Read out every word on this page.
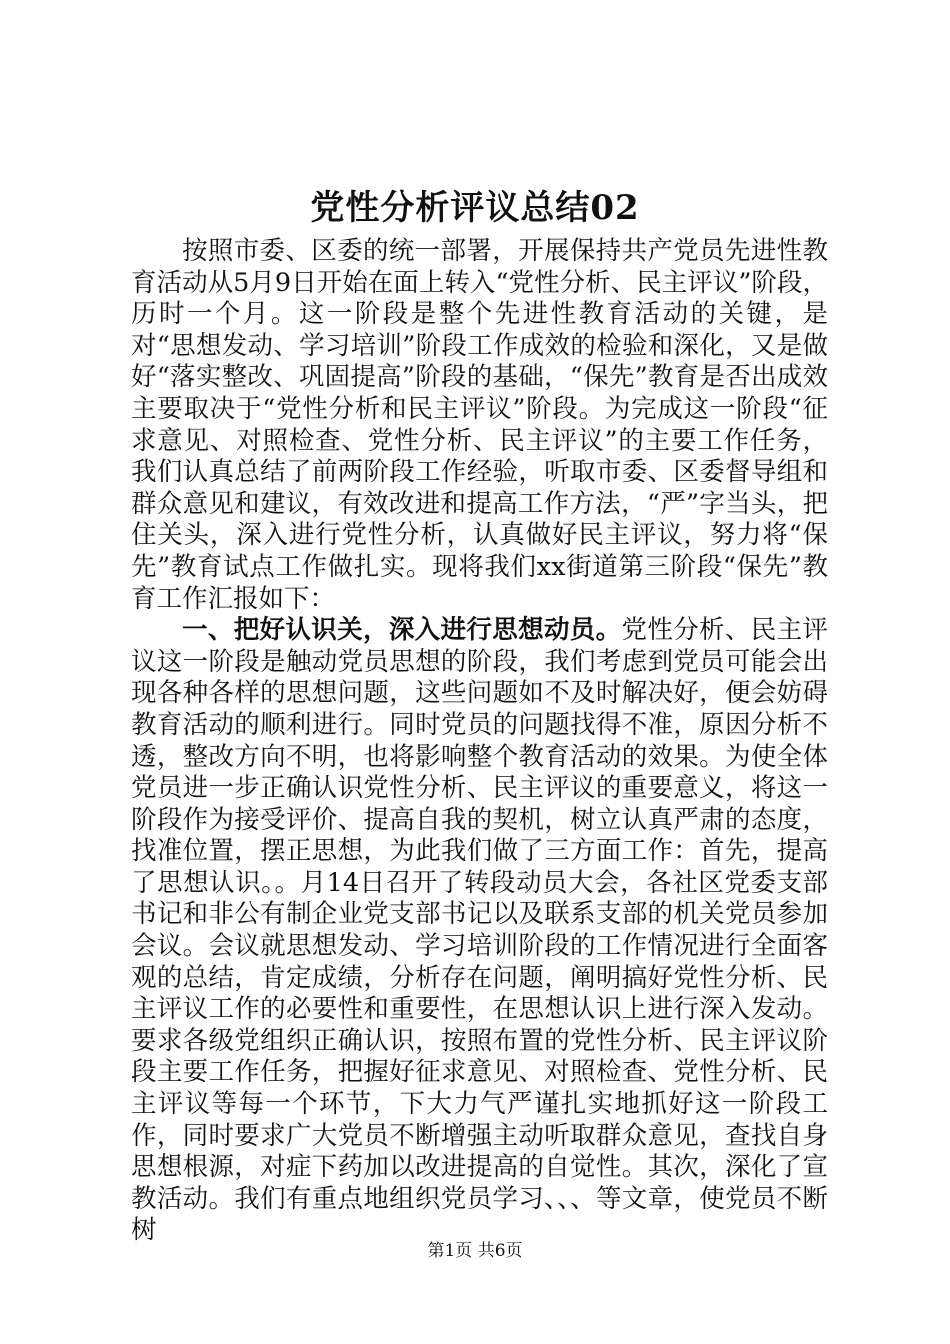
党性分析评议总结02

按照市委、区委的统一部署，开展保持共产党员先进性教育活动从5月9日开始在面上转入“党性分析、民主评议”阶段，历时一个月。这一阶段是整个先进性教育活动的关键，是对“思想发动、学习培训”阶段工作成效的检验和深化，又是做好“落实整改、巩固提高”阶段的基础，“保先”教育是否出成效主要取决于“党性分析和民主评议”阶段。为完成这一阶段“征求意见、对照检查、党性分析、民主评议”的主要工作任务，我们认真总结了前两阶段工作经验，听取市委、区委督导组和群众意见和建议，有效改进和提高工作方法，“严”字当头，把住关头，深入进行党性分析，认真做好民主评议，努力将“保先”教育试点工作做扎实。现将我们xx街道第三阶段“保先”教育工作汇报如下：

一、把好认识关，深入进行思想动员。党性分析、民主评议这一阶段是触动党员思想的阶段，我们考虑到党员可能会出现各种各样的思想问题，这些问题如不及时解决好，便会妨碍教育活动的顺利进行。同时党员的问题找得不准，原因分析不透，整改方向不明，也将影响整个教育活动的效果。为使全体党员进一步正确认识党性分析、民主评议的重要意义，将这一阶段作为接受评价、提高自我的契机，树立认真严肃的态度，找准位置，摆正思想，为此我们做了三方面工作：首先，提高了思想认识。。月14日召开了转段动员大会，各社区党委支部书记和非公有制企业党支部书记以及联系支部的机关党员参加会议。会议就思想发动、学习培训阶段的工作情况进行全面客观的总结，肯定成绩，分析存在问题，阐明搞好党性分析、民主评议工作的必要性和重要性，在思想认识上进行深入发动。要求各级党组织正确认识，按照布置的党性分析、民主评议阶段主要工作任务，把握好征求意见、对照检查、党性分析、民主评议等每一个环节，下大力气严谨扎实地抓好这一阶段工作，同时要求广大党员不断增强主动听取群众意见，查找自身思想根源，对症下药加以改进提高的自觉性。其次，深化了宣教活动。我们有重点地组织党员学习、、、等文章，使党员不断树

第1页 共6页
